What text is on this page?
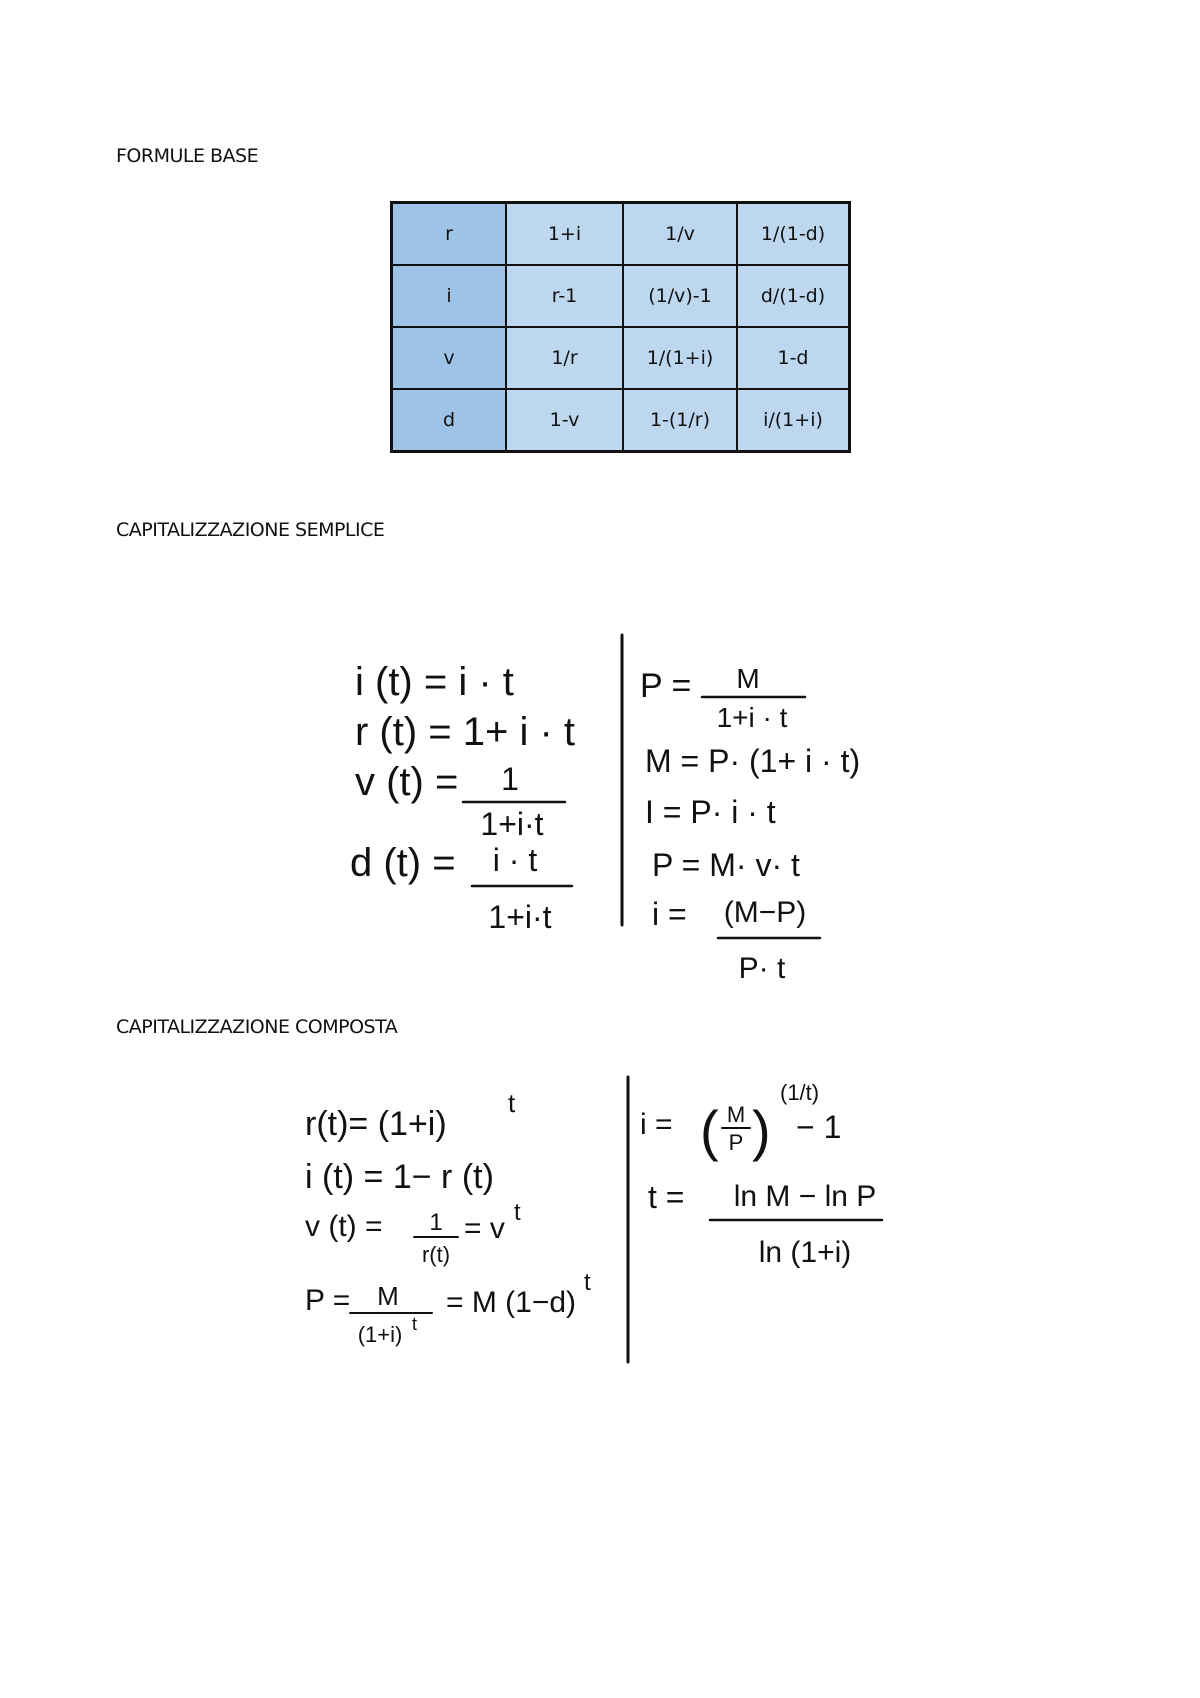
FORMULE BASE
r	1+i	1/v	1/(1-d)
i	r-1	(1/v)-1	d/(1-d)
v	1/r	1/(1+i)	1-d
d	1-v	1-(1/r)	i/(1+i)
CAPITALIZZAZIONE SEMPLICE
CAPITALIZZAZIONE COMPOSTA
i (t) = i · t
r (t) = 1+ i · t
v (t) = 1
1+i·t
d (t) = i · t
1+i·t
P = M
1+i · t
M = P· (1+ i · t)
I = P· i · t
P = M· v· t
i = (M−P)
P· t
r(t)= (1+i)
t
i (t) = 1− r (t)
v (t) = 1
r(t)
= v t
P = M
(1+i) t
= M (1−d)
t
i = ( M
P )
(1/t)
− 1
t = ln M − ln P
ln (1+i)
